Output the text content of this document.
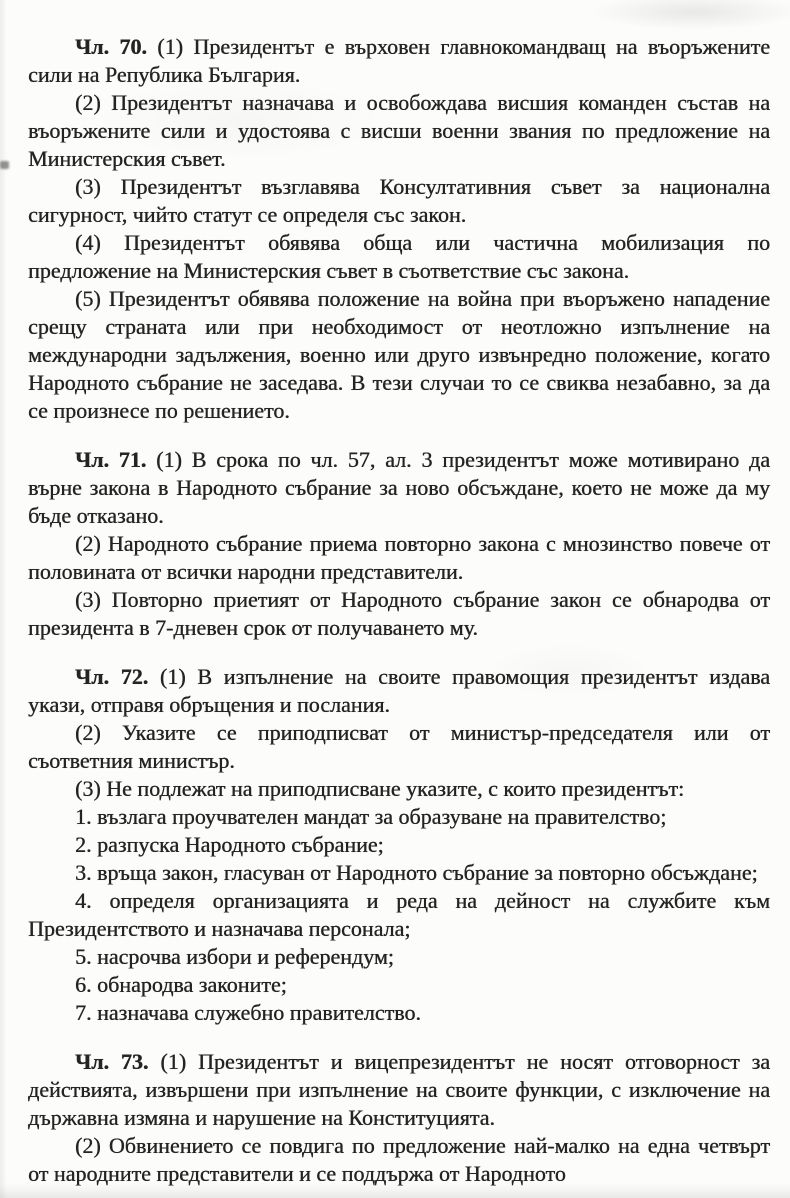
Чл. 70. (1) Президентът е върховен главнокомандващ на въоръжените сили на Република България.

(2) Президентът назначава и освобождава висшия команден състав на въоръжените сили и удостоява с висши военни звания по предложение на Министерския съвет.

(3) Президентът възглавява Консултативния съвет за национална сигурност, чийто статут се определя със закон.

(4) Президентът обявява обща или частична мобилизация по предложение на Министерския съвет в съответствие със закона.

(5) Президентът обявява положение на война при въоръжено нападение срещу страната или при необходимост от неотложно изпълнение на международни задължения, военно или друго извънредно положение, когато Народното събрание не заседава. В тези случаи то се свиква незабавно, за да се произнесе по решението.

Чл. 71. (1) В срока по чл. 57, ал. 3 президентът може мотивирано да върне закона в Народното събрание за ново обсъждане, което не може да му бъде отказано.

(2) Народното събрание приема повторно закона с мнозинство повече от половината от всички народни представители.

(3) Повторно приетият от Народното събрание закон се обнародва от президента в 7-дневен срок от получаването му.

Чл. 72. (1) В изпълнение на своите правомощия президентът издава укази, отправя обръщения и послания.

(2) Указите се приподписват от министър-председателя или от съответния министър.

(3) Не подлежат на приподписване указите, с които президентът:

1. възлага проучвателен мандат за образуване на правителство;

2. разпуска Народното събрание;

3. връща закон, гласуван от Народното събрание за повторно обсъждане;

4. определя организацията и реда на дейност на службите към Президентството и назначава персонала;

5. насрочва избори и референдум;

6. обнародва законите;

7. назначава служебно правителство.

Чл. 73. (1) Президентът и вицепрезидентът не носят отговорност за действията, извършени при изпълнение на своите функции, с изключение на държавна измяна и нарушение на Конституцията.

(2) Обвинението се повдига по предложение най-малко на една четвърт от народните представители и се поддържа от Народното
